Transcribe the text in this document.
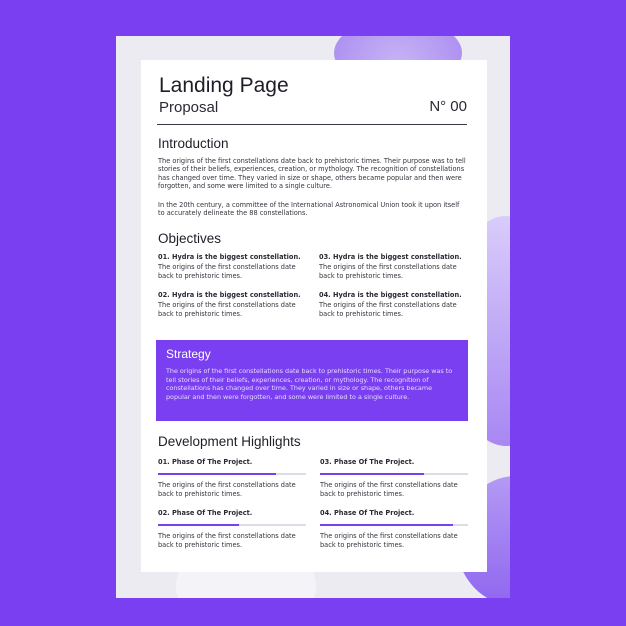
Landing Page
Proposal	N° 00
Introduction

The origins of the first constellations date back to prehistoric times. Their purpose was to tell stories of their beliefs, experiences, creation, or mythology. The recognition of constellations has changed over time. They varied in size or shape, others became popular and then were forgotten, and some were limited to a single culture.

In the 20th century, a committee of the International Astronomical Union took it upon itself to accurately delineate the 88 constellations.

Objectives
01. Hydra is the biggest constellation.
The origins of the first constellations date back to prehistoric times.
03. Hydra is the biggest constellation.
The origins of the first constellations date back to prehistoric times.
02. Hydra is the biggest constellation.
The origins of the first constellations date back to prehistoric times.
04. Hydra is the biggest constellation.
The origins of the first constellations date back to prehistoric times.
Development Highlights
01. Phase Of The Project.
The origins of the first constellations date back to prehistoric times.
03. Phase Of The Project.
The origins of the first constellations date back to prehistoric times.
02. Phase Of The Project.
The origins of the first constellations date back to prehistoric times.
04. Phase Of The Project.
The origins of the first constellations date back to prehistoric times.
Strategy

The origins of the first constellations date back to prehistoric times. Their purpose was to tell stories of their beliefs, experiences, creation, or mythology. The recognition of constellations has changed over time. They varied in size or shape, others became popular and then were forgotten, and some were limited to a single culture.
